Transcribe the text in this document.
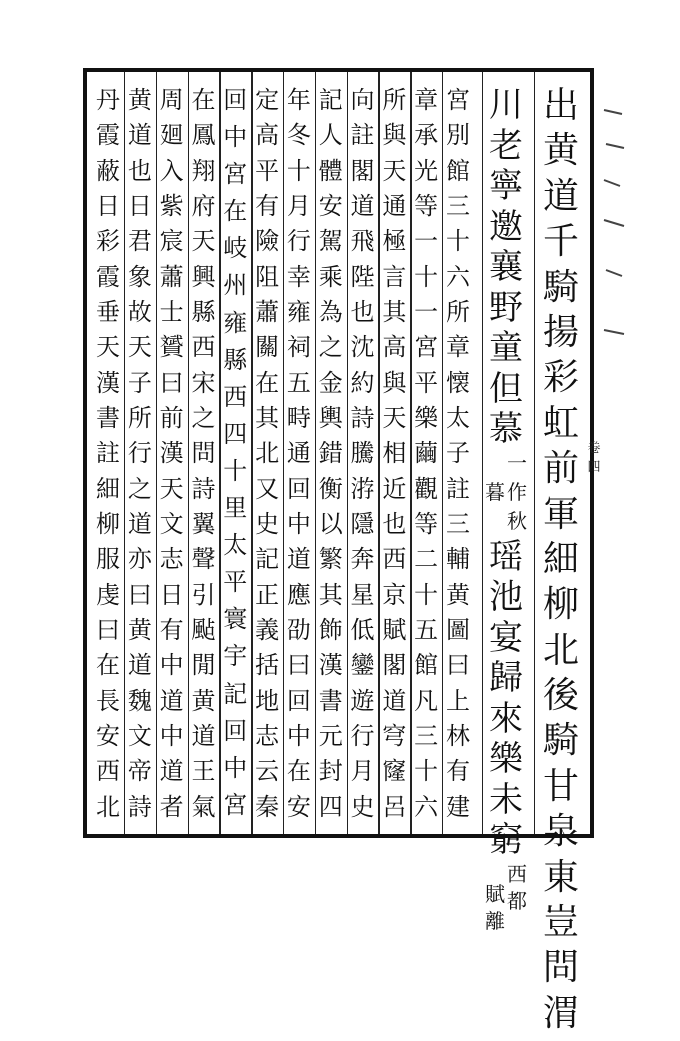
卷四
出
黄
道
千
騎
揚
彩
虹
前
軍
細
柳
北
後
騎
甘
泉
東
豈
問
渭
川
老
寧
邀
襄
野
童
但
慕
一
作
秋
暮
瑶
池
宴
歸
來
樂
未
窮
西
都
賦
離
宮
別
館
三
十
六
所
章
懐
太
子
註
三
輔
黄
圖
曰
上
林
有
建
章
承
光
等
一
十
一
宮
平
樂
繭
觀
等
二
十
五
館
凡
三
十
六
所
與
天
通
極
言
其
高
與
天
相
近
也
西
京
賦
閣
道
穹
窿
呂
向
註
閣
道
飛
陛
也
沈
約
詩
騰
㳺
隱
奔
星
低
鑾
遊
行
月
史
記
人
體
安
駕
乘
為
之
金
輿
錯
衡
以
繁
其
飾
漢
書
元
封
四
年
冬
十
月
行
幸
雍
祠
五
畤
通
回
中
道
應
劭
曰
回
中
在
安
定
高
平
有
險
阻
蕭
關
在
其
北
又
史
記
正
義
括
地
志
云
秦
回
中
宮
在
岐
州
雍
縣
西
四
十
里
太
平
寰
宇
記
回
中
宮
在
鳳
翔
府
天
興
縣
西
宋
之
問
詩
翼
聲
引
颭
閒
黄
道
王
氣
周
廻
入
紫
宸
蕭
士
贇
曰
前
漢
天
文
志
日
有
中
道
中
道
者
黄
道
也
日
君
象
故
天
子
所
行
之
道
亦
曰
黄
道
魏
文
帝
詩
丹
霞
蔽
日
彩
霞
垂
天
漢
書
註
細
柳
服
虔
曰
在
長
安
西
北
